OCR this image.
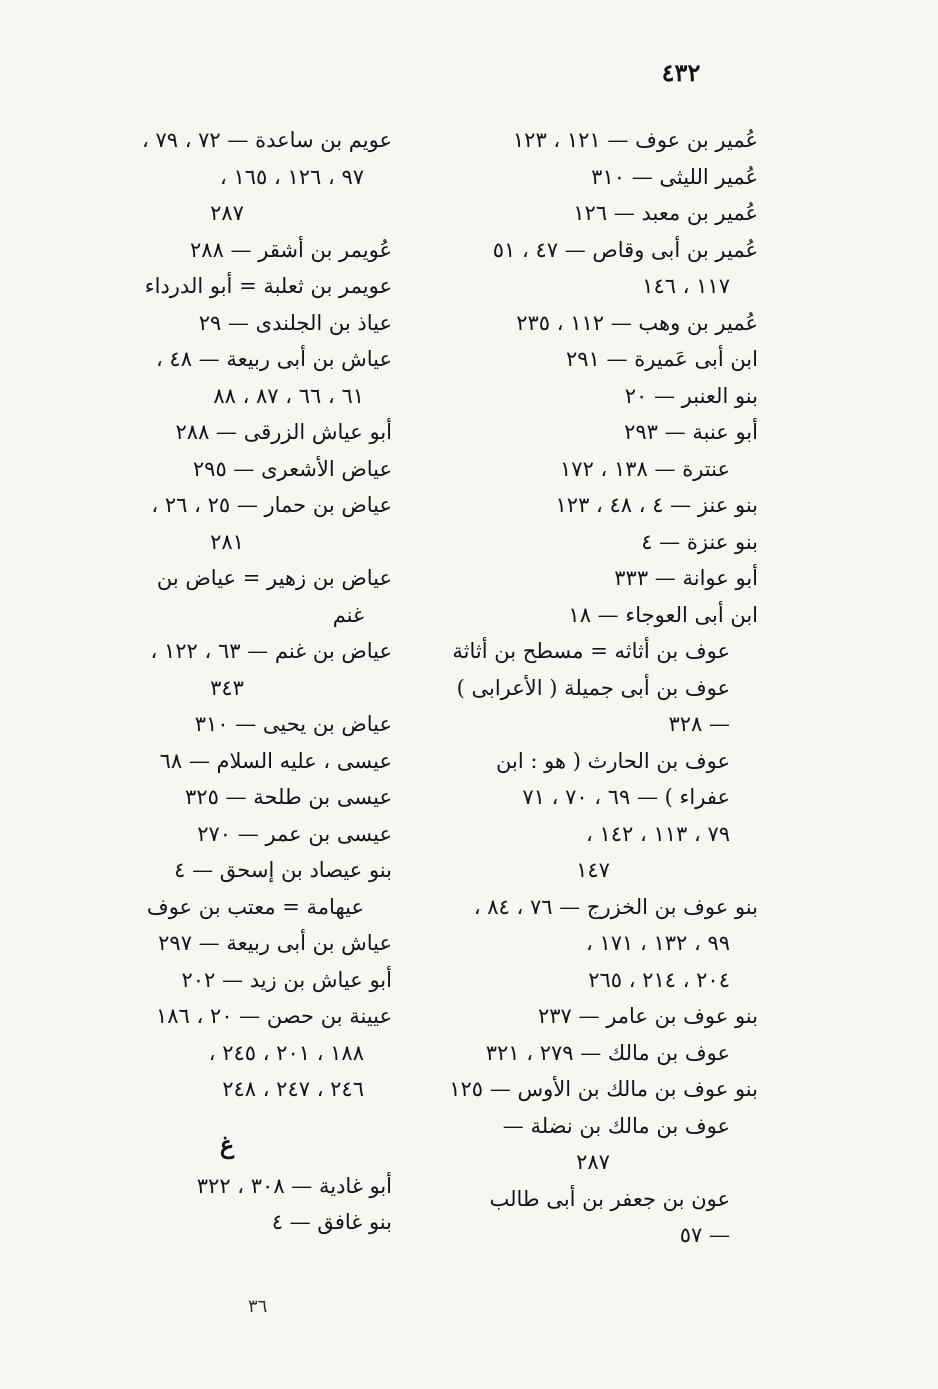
٤٣٢
عُمير بن عوف — ١٢١ ، ١٢٣
عُمير الليثى — ٣١٠
عُمير بن معبد — ١٢٦
عُمير بن أبى وقاص — ٤٧ ، ٥١
١١٧ ، ١٤٦
عُمير بن وهب — ١١٢ ، ٢٣٥
ابن أبى عَميرة — ٢٩١
بنو العنبر — ٢٠
أبو عنبة — ٢٩٣
عنترة — ١٣٨ ، ١٧٢
بنو عنز — ٤ ، ٤٨ ، ١٢٣
بنو عنزة — ٤
أبو عوانة — ٣٣٣
ابن أبى العوجاء — ١٨
عوف بن أثاثه = مسطح بن أثاثة
عوف بن أبى جميلة ( الأعرابى )
— ٣٢٨
عوف بن الحارث ( هو : ابن
عفراء ) — ٦٩ ، ٧٠ ، ٧١
٧٩ ، ١١٣ ، ١٤٢ ،
١٤٧
بنو عوف بن الخزرج — ٧٦ ، ٨٤ ،
٩٩ ، ١٣٢ ، ١٧١ ،
٢٠٤ ، ٢١٤ ، ٢٦٥
بنو عوف بن عامر — ٢٣٧
عوف بن مالك — ٢٧٩ ، ٣٢١
بنو عوف بن مالك بن الأوس — ١٢٥
عوف بن مالك بن نضلة —
٢٨٧
عون بن جعفر بن أبى طالب
— ٥٧
عويم بن ساعدة — ٧٢ ، ٧٩ ،
٩٧ ، ١٢٦ ، ١٦٥ ،
٢٨٧
عُويمر بن أشقر — ٢٨٨
عويمر بن ثعلبة = أبو الدرداء
عياذ بن الجلندى — ٢٩
عياش بن أبى ربيعة — ٤٨ ،
٦١ ، ٦٦ ، ٨٧ ، ٨٨
أبو عياش الزرقى — ٢٨٨
عياض الأشعرى — ٢٩٥
عياض بن حمار — ٢٥ ، ٢٦ ،
٢٨١
عياض بن زهير = عياض بن
غنم
عياض بن غنم — ٦٣ ، ١٢٢ ،
٣٤٣
عياض بن يحيى — ٣١٠
عيسى ، عليه السلام — ٦٨
عيسى بن طلحة — ٣٢٥
عيسى بن عمر — ٢٧٠
بنو عيصاد بن إسحق — ٤
عيهامة = معتب بن عوف
عياش بن أبى ربيعة — ٢٩٧
أبو عياش بن زيد — ٢٠٢
عيينة بن حصن — ٢٠ ، ١٨٦
١٨٨ ، ٢٠١ ، ٢٤٥ ،
٢٤٦ ، ٢٤٧ ، ٢٤٨
غ
أبو غادية — ٣٠٨ ، ٣٢٢
بنو غافق — ٤
٣٦
